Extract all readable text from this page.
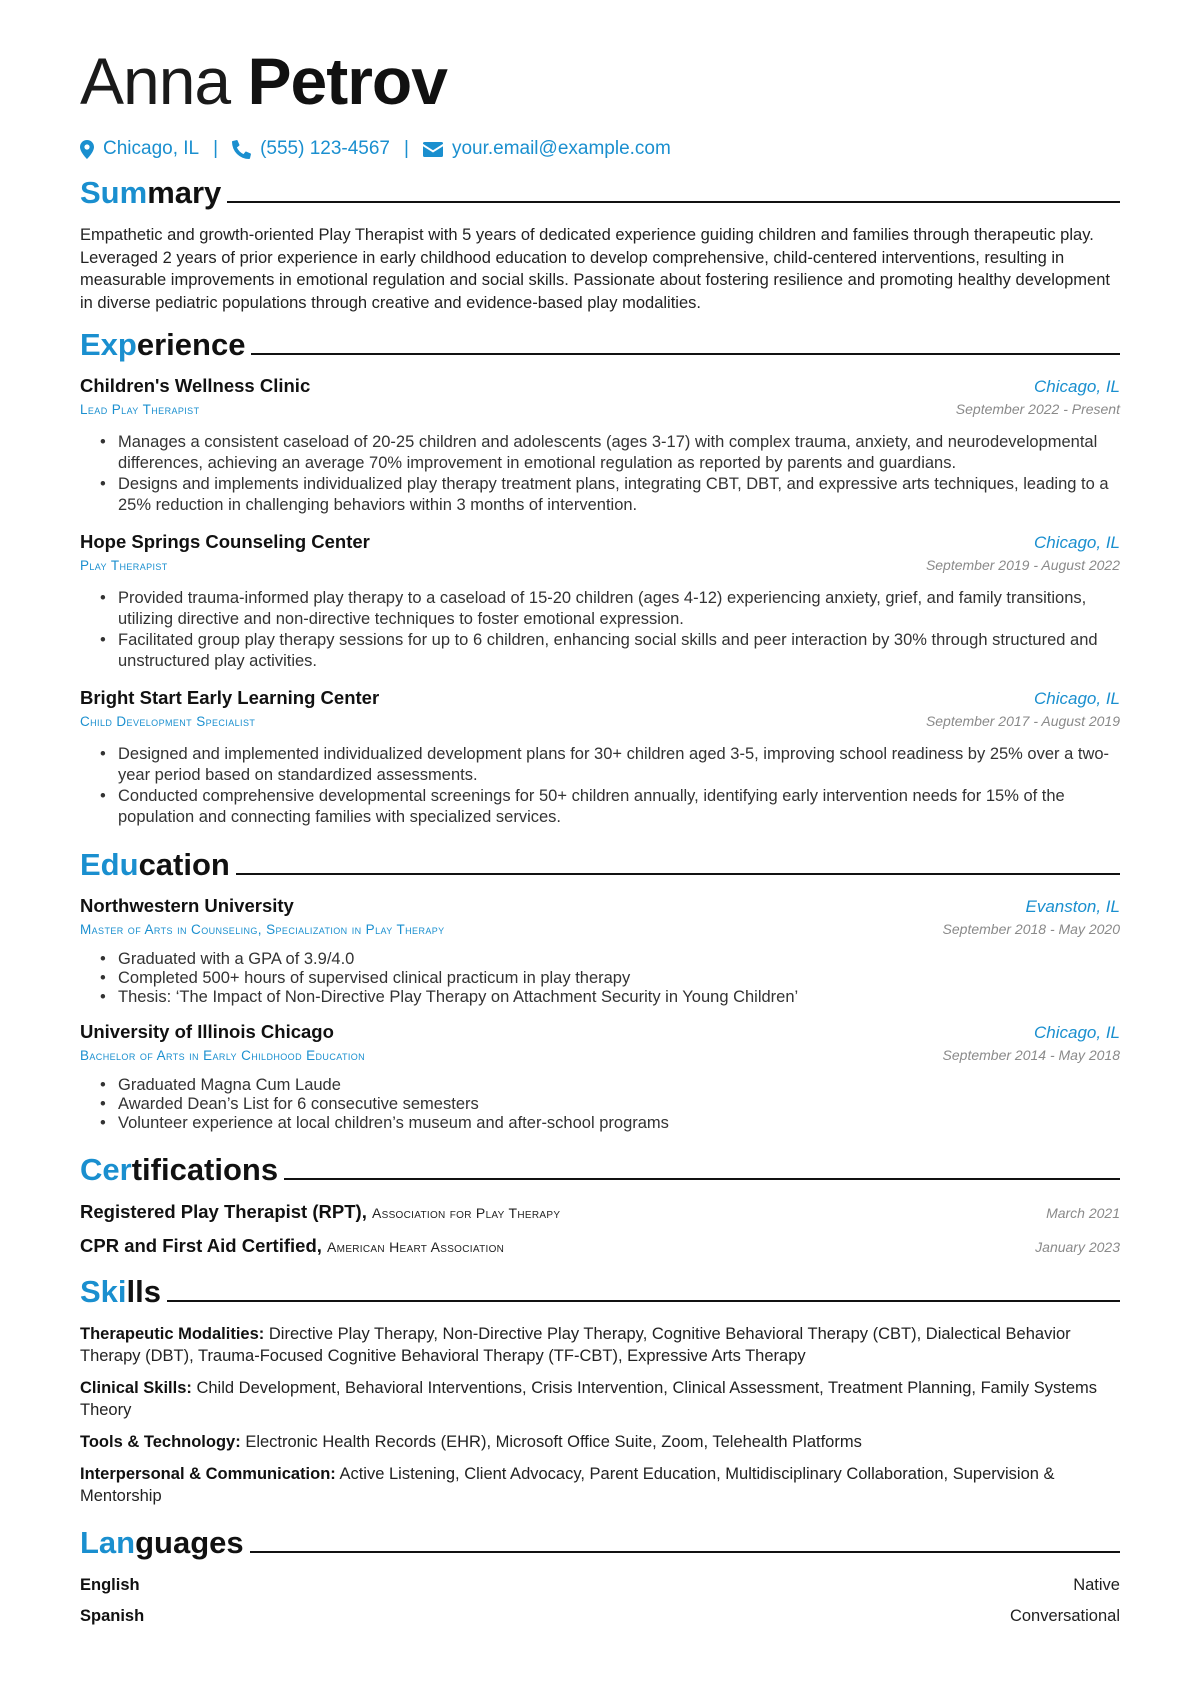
Anna Petrov
Chicago, IL | (555) 123-4567 | your.email@example.com
Summary

Empathetic and growth-oriented Play Therapist with 5 years of dedicated experience guiding children and families through therapeutic play. Leveraged 2 years of prior experience in early childhood education to develop comprehensive, child-centered interventions, resulting in measurable improvements in emotional regulation and social skills. Passionate about fostering resilience and promoting healthy development in diverse pediatric populations through creative and evidence-based play modalities.

Experience
Children's Wellness Clinic	Chicago, IL
Lead Play Therapist	September 2022 - Present
• Manages a consistent caseload of 20-25 children and adolescents (ages 3-17) with complex trauma, anxiety, and neurodevelopmental differences, achieving an average 70% improvement in emotional regulation as reported by parents and guardians.
• Designs and implements individualized play therapy treatment plans, integrating CBT, DBT, and expressive arts techniques, leading to a 25% reduction in challenging behaviors within 3 months of intervention.
Hope Springs Counseling Center	Chicago, IL
Play Therapist	September 2019 - August 2022
• Provided trauma-informed play therapy to a caseload of 15-20 children (ages 4-12) experiencing anxiety, grief, and family transitions, utilizing directive and non-directive techniques to foster emotional expression.
• Facilitated group play therapy sessions for up to 6 children, enhancing social skills and peer interaction by 30% through structured and unstructured play activities.
Bright Start Early Learning Center	Chicago, IL
Child Development Specialist	September 2017 - August 2019
• Designed and implemented individualized development plans for 30+ children aged 3-5, improving school readiness by 25% over a two-year period based on standardized assessments.
• Conducted comprehensive developmental screenings for 50+ children annually, identifying early intervention needs for 15% of the population and connecting families with specialized services.
Education
Northwestern University	Evanston, IL
Master of Arts in Counseling, Specialization in Play Therapy	September 2018 - May 2020
• Graduated with a GPA of 3.9/4.0
• Completed 500+ hours of supervised clinical practicum in play therapy
• Thesis: ‘The Impact of Non-Directive Play Therapy on Attachment Security in Young Children’
University of Illinois Chicago	Chicago, IL
Bachelor of Arts in Early Childhood Education	September 2014 - May 2018
• Graduated Magna Cum Laude
• Awarded Dean’s List for 6 consecutive semesters
• Volunteer experience at local children’s museum and after-school programs
Certifications
Registered Play Therapist (RPT), Association for Play Therapy	March 2021
CPR and First Aid Certified, American Heart Association	January 2023
Skills

Therapeutic Modalities: Directive Play Therapy, Non-Directive Play Therapy, Cognitive Behavioral Therapy (CBT), Dialectical Behavior Therapy (DBT), Trauma-Focused Cognitive Behavioral Therapy (TF-CBT), Expressive Arts Therapy

Clinical Skills: Child Development, Behavioral Interventions, Crisis Intervention, Clinical Assessment, Treatment Planning, Family Systems Theory

Tools & Technology: Electronic Health Records (EHR), Microsoft Office Suite, Zoom, Telehealth Platforms

Interpersonal & Communication: Active Listening, Client Advocacy, Parent Education, Multidisciplinary Collaboration, Supervision & Mentorship

Languages
English	Native
Spanish	Conversational
